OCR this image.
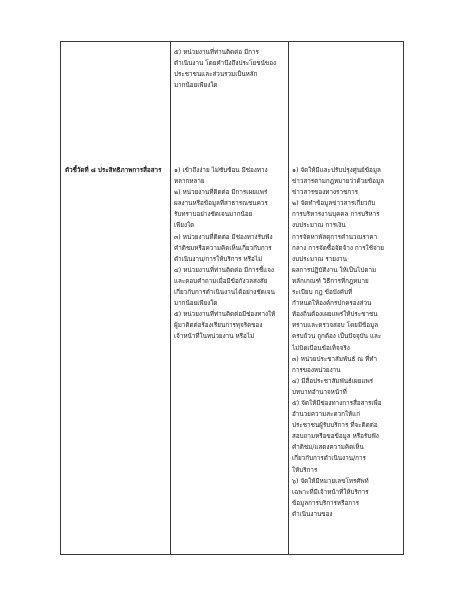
ตัวชี้วัดที่ ๘ ประสิทธิภาพการสื่อสาร

๕) หน่วยงานที่ท่านติดต่อ มีการ

ดำเนินงาน โดยคำนึงถึงประโยชน์ของ

ประชาชนและส่วนรวมเป็นหลัก

มากน้อยเพียงใด

๑) เข้าถึงง่าย ไม่ซับซ้อน มีช่องทาง

หลากหลาย

๒) หน่วยงานที่ติดต่อ มีการเผยแพร่

ผลงานหรือข้อมูลที่สาธารณชนควร

รับทราบอย่างชัดเจนมากน้อย

เพียงใด

๓) หน่วยงานที่ติดต่อ มีช่องทางรับฟัง

คำติชมหรือความคิดเห็นเกี่ยวกับการ

ดำเนินงาน/การให้บริการ หรือไม่

๔) หน่วยงานที่ท่านติดต่อ มีการชี้แจง

และตอบคำถามเมื่อมีข้อกังวลสงสัย

เกี่ยวกับการดำเนินงานได้อย่างชัดเจน

มากน้อยเพียงใด

๕) หน่วยงานที่ท่านติดต่อมีช่องทางให้

ผู้มาติดต่อร้องเรียนการทุจริตของ

เจ้าหน้าที่ในหน่วยงาน หรือไม่

๑) จัดให้มีและปรับปรุงศูนย์ข้อมูล

ข่าวสารตามกฎหมายว่าด้วยข้อมูล

ข่าวสารของทางราชการ

๒) จัดทำข้อมูลข่าวสารเกี่ยวกับ

การบริหารงานบุคคล การบริหาร

งบประมาณ การเงิน

การจัดหาพัสดุการคำนวณราคา

กลาง การจัดซื้อจัดจ้าง การใช้จ่าย

งบประมาณ รายงาน

ผลการปฏิบัติงาน ให้เป็นไปตาม

หลักเกณฑ์ วิธีการที่กฎหมาย

ระเบียบ กฎ ข้อบังคับที่

กำหนดให้องค์กรปกครองส่วน

ท้องถิ่นต้องเผยแพร่ให้ประชาชน

ทราบและตรวจสอบ โดยมีข้อมูล

ครบถ้วน ถูกต้อง เป็นปัจจุบัน และ

ไม่บิดเบือนข้อเท็จจริง

๓) หน่วยประชาสัมพันธ์ ณ ที่ทำ

การของหน่วยงาน

๔) มีสื่อประชาสัมพันธ์เผยแพร่

บทบาทอำนาจหน้าที่

๕) จัดให้มีช่องทางการสื่อสารเพื่อ

อำนวยความสะดวกให้แก่

ประชาชนผู้รับบริการ ที่จะติดต่อ

สอบถามหรือขอข้อมูล หรือรับฟัง

คำติชม/แสดงความคิดเห็น

เกี่ยวกับการดำเนินงาน/การ

ให้บริการ

๖) จัดให้มีหมายเลขโทรศัพท์

เฉพาะที่มีเจ้าหน้าที่ให้บริการ

ข้อมูลการบริการหรือการ

ดำเนินงานของ
